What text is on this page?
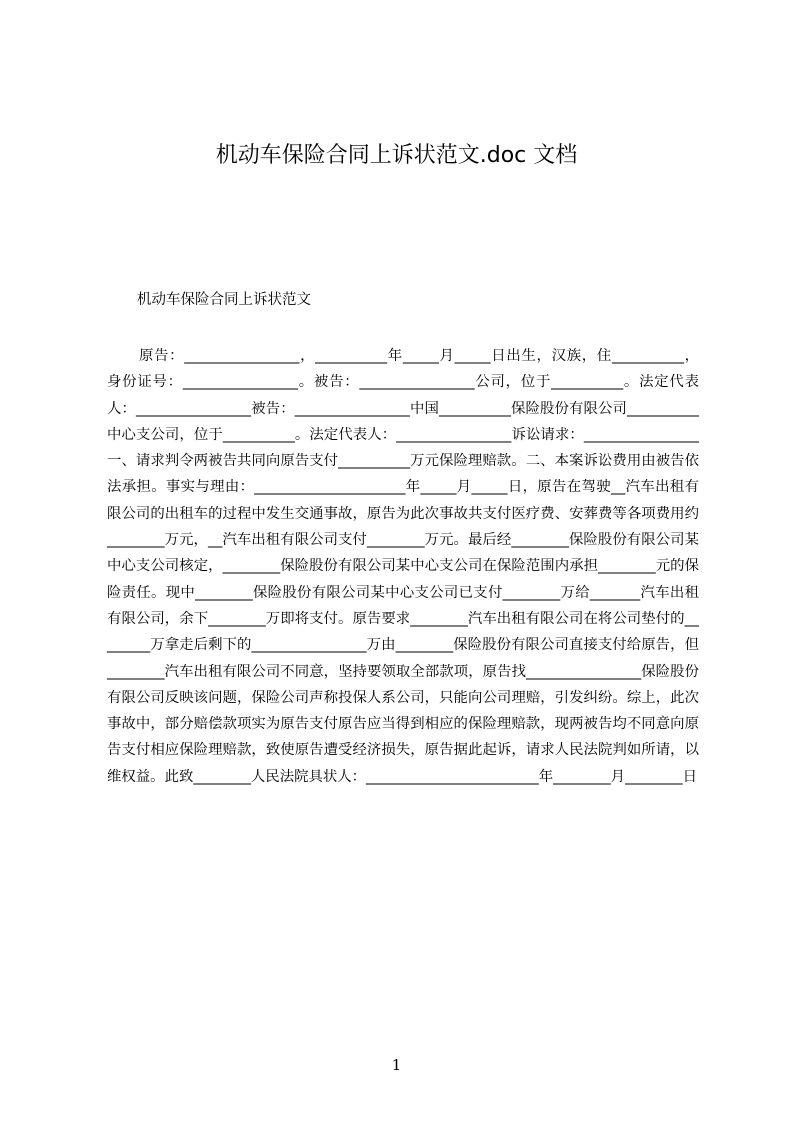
机动车保险合同上诉状范文.doc 文档
机动车保险合同上诉状范文

原告：________________，__________年_____月_____日出生，汉族，住__________，身份证号：________________。被告：________________公司，位于__________。法定代表人：________________被告：________________中国__________保险股份有限公司__________中心支公司，位于__________。法定代表人：________________诉讼请求：________________一、请求判令两被告共同向原告支付__________万元保险理赔款。二、本案诉讼费用由被告依法承担。事实与理由：_____________________年_____月_____日，原告在驾驶__汽车出租有限公司的出租车的过程中发生交通事故，原告为此次事故共支付医疗费、安葬费等各项费用约________万元，__汽车出租有限公司支付________万元。最后经________保险股份有限公司某中心支公司核定，________保险股份有限公司某中心支公司在保险范围内承担________元的保险责任。现中________保险股份有限公司某中心支公司已支付________万给_______汽车出租有限公司，余下________万即将支付。原告要求________汽车出租有限公司在将公司垫付的________万拿走后剩下的________________万由________保险股份有限公司直接支付给原告，但________汽车出租有限公司不同意，坚持要领取全部款项，原告找________________保险股份有限公司反映该问题，保险公司声称投保人系公司，只能向公司理赔，引发纠纷。综上，此次事故中，部分赔偿款项实为原告支付原告应当得到相应的保险理赔款，现两被告均不同意向原告支付相应保险理赔款，致使原告遭受经济损失，原告据此起诉，请求人民法院判如所请，以维权益。此致________人民法院具状人：________________________年________月________日

1
